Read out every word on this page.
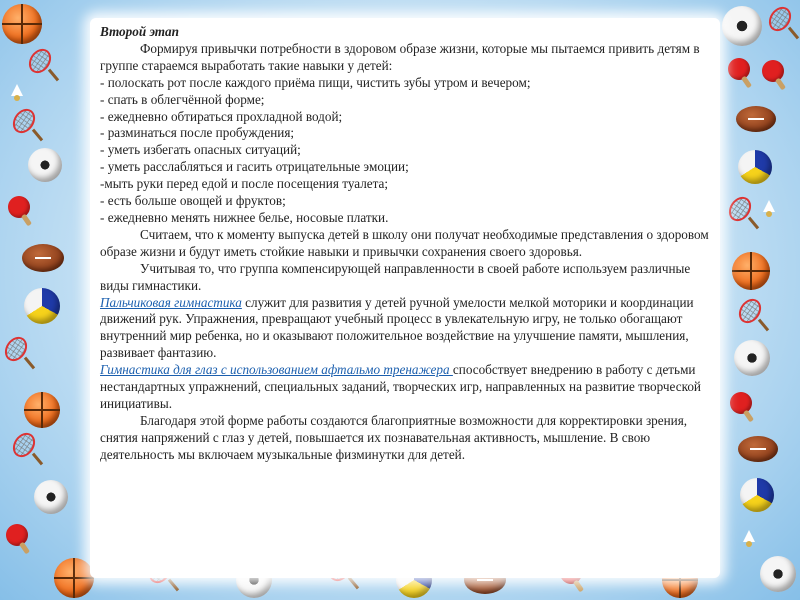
Второй этап

Формируя привычки потребности в здоровом образе жизни, которые мы пытаемся привить детям в группе стараемся выработать такие навыки у детей:

- полоскать рот после каждого приёма пищи, чистить зубы утром и вечером;
- спать в облегчённой форме;
- ежедневно обтираться прохладной водой;
- разминаться после пробуждения;
- уметь избегать опасных ситуаций;
- уметь расслабляться и гасить отрицательные эмоции;
-мыть руки перед едой и после посещения туалета;
- есть больше овощей и фруктов;
- ежедневно менять нижнее белье, носовые платки.

Считаем, что к моменту выпуска детей в школу они получат необходимые представления о здоровом образе жизни и будут иметь стойкие навыки и привычки сохранения своего здоровья.

Учитывая то, что группа компенсирующей направленности в своей работе используем различные виды гимнастики.

Пальчиковая гимнастика служит для развития у детей ручной умелости мелкой моторики и координации движений рук. Упражнения, превращают учебный процесс в увлекательную игру, не только обогащают внутренний мир ребенка, но и оказывают положительное воздействие на улучшение памяти, мышления, развивает фантазию.

Гимнастика для глаз с использованием афтальмо тренажера способствует внедрению в работу с детьми нестандартных упражнений, специальных заданий, творческих игр, направленных на развитие творческой инициативы.

Благодаря этой форме работы создаются благоприятные возможности для корректировки зрения, снятия напряжений с глаз у детей, повышается их познавательная активность, мышление. В свою деятельность мы включаем музыкальные физминутки для детей.
